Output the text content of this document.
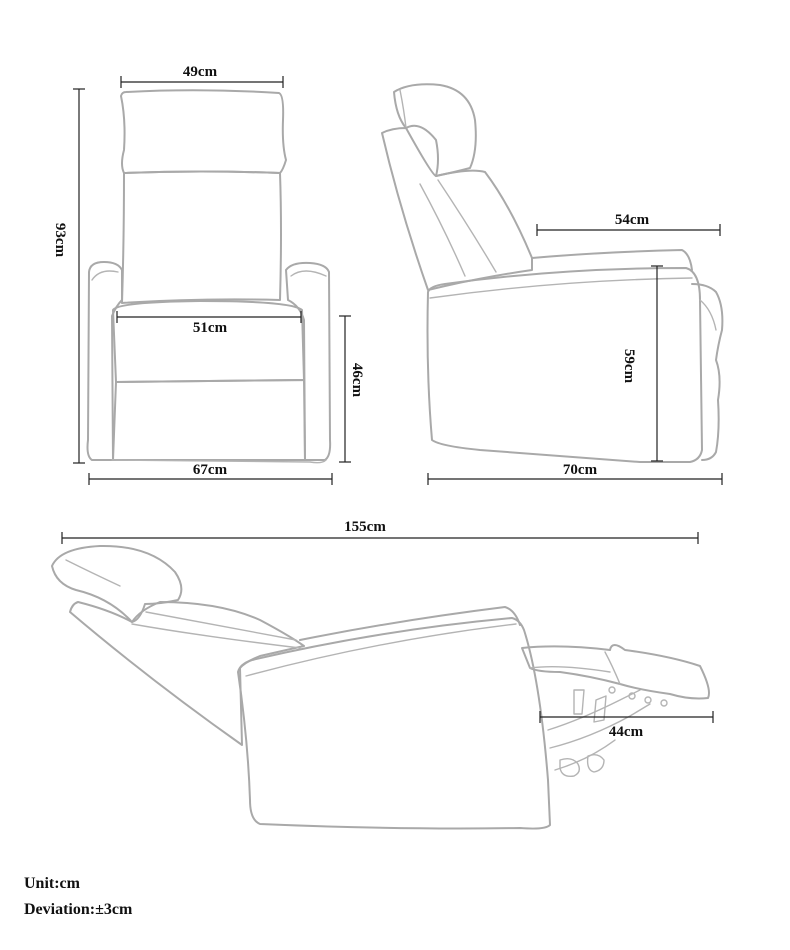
49cm
93cm
51cm
46cm
67cm
54cm
59cm
70cm
155cm
44cm
Unit:cm
Deviation:±3cm
